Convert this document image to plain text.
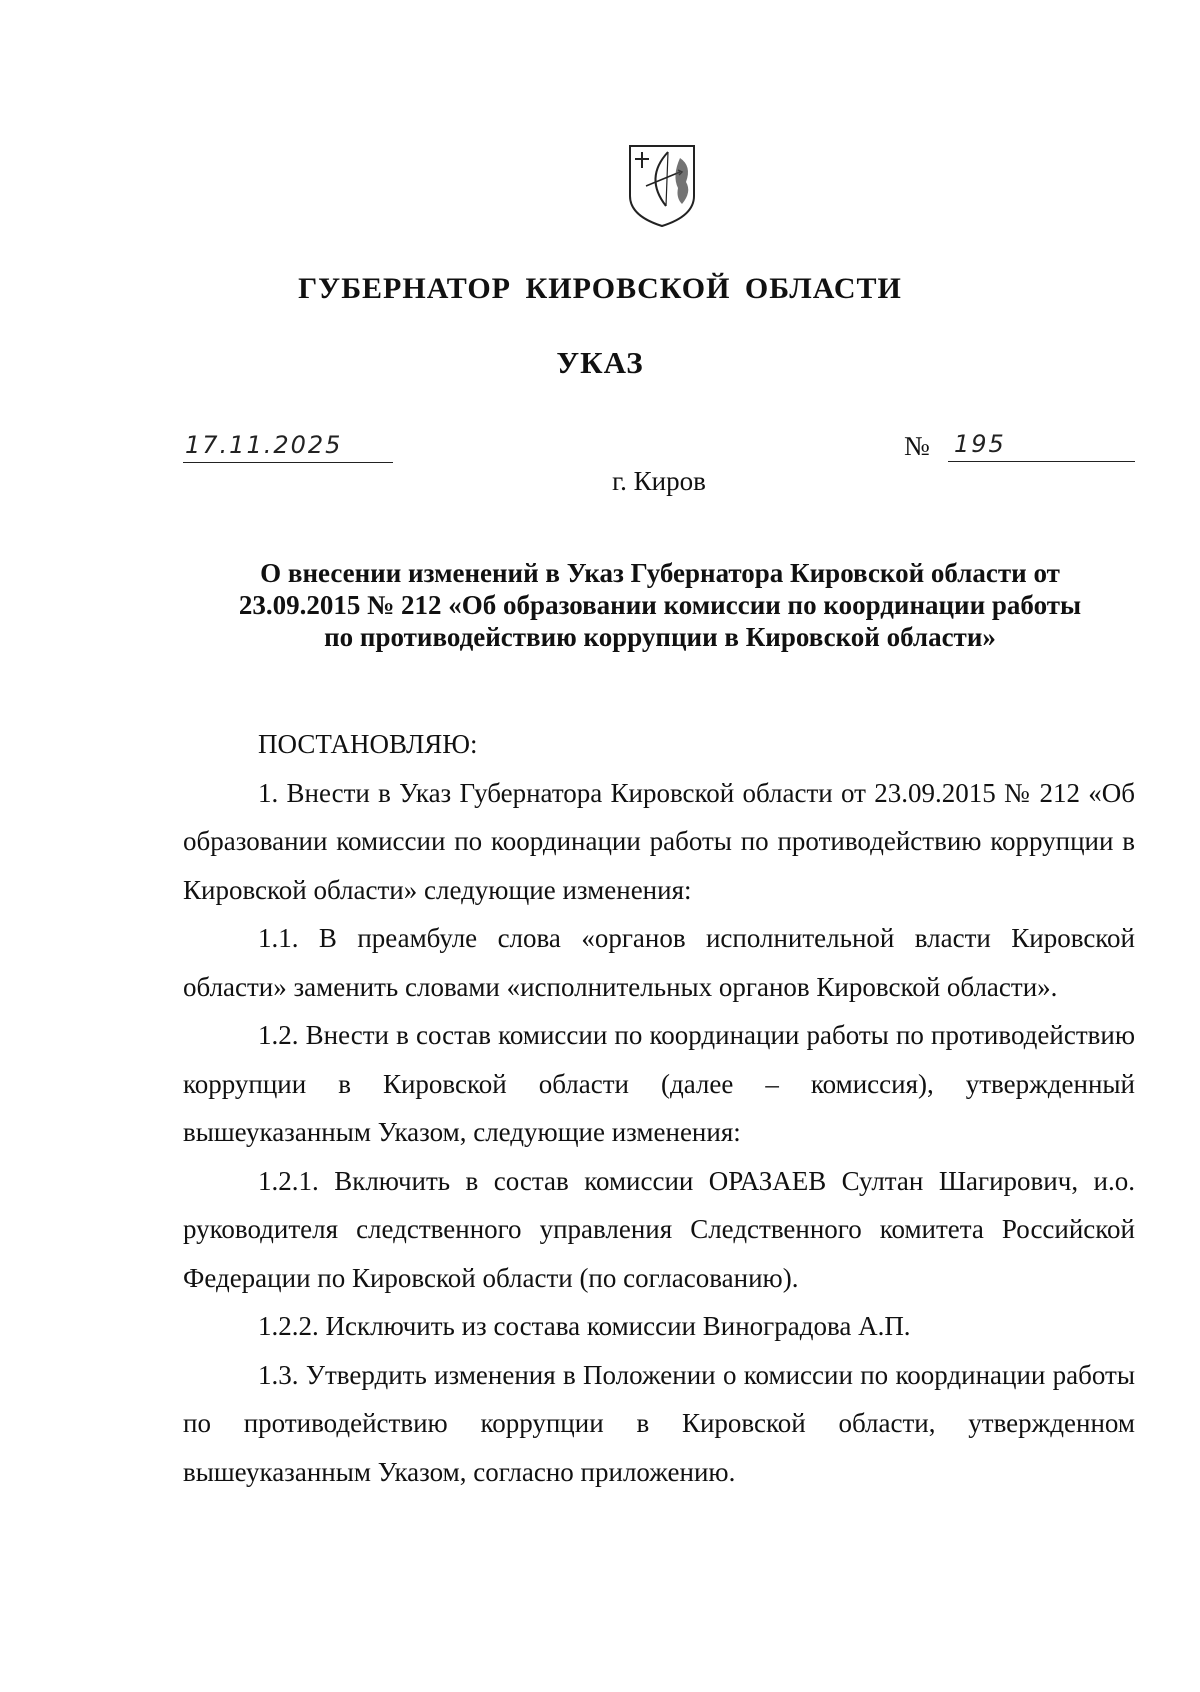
ГУБЕРНАТОР КИРОВСКОЙ ОБЛАСТИ
УКАЗ
17.11.2025	№ 195
г. Киров
О внесении изменений в Указ Губернатора Кировской области от 23.09.2015 № 212 «Об образовании комиссии по координации работы по противодействию коррупции в Кировской области»

ПОСТАНОВЛЯЮ:

1. Внести в Указ Губернатора Кировской области от 23.09.2015 № 212 «Об образовании комиссии по координации работы по противодействию коррупции в Кировской области» следующие изменения:

1.1. В преамбуле слова «органов исполнительной власти Кировской области» заменить словами «исполнительных органов Кировской области».

1.2. Внести в состав комиссии по координации работы по противодействию коррупции в Кировской области (далее – комиссия), утвержденный вышеуказанным Указом, следующие изменения:

1.2.1. Включить в состав комиссии ОРАЗАЕВ Султан Шагирович, и.о. руководителя следственного управления Следственного комитета Российской Федерации по Кировской области (по согласованию).

1.2.2. Исключить из состава комиссии Виноградова А.П.

1.3. Утвердить изменения в Положении о комиссии по координации работы по противодействию коррупции в Кировской области, утвержденном вышеуказанным Указом, согласно приложению.
